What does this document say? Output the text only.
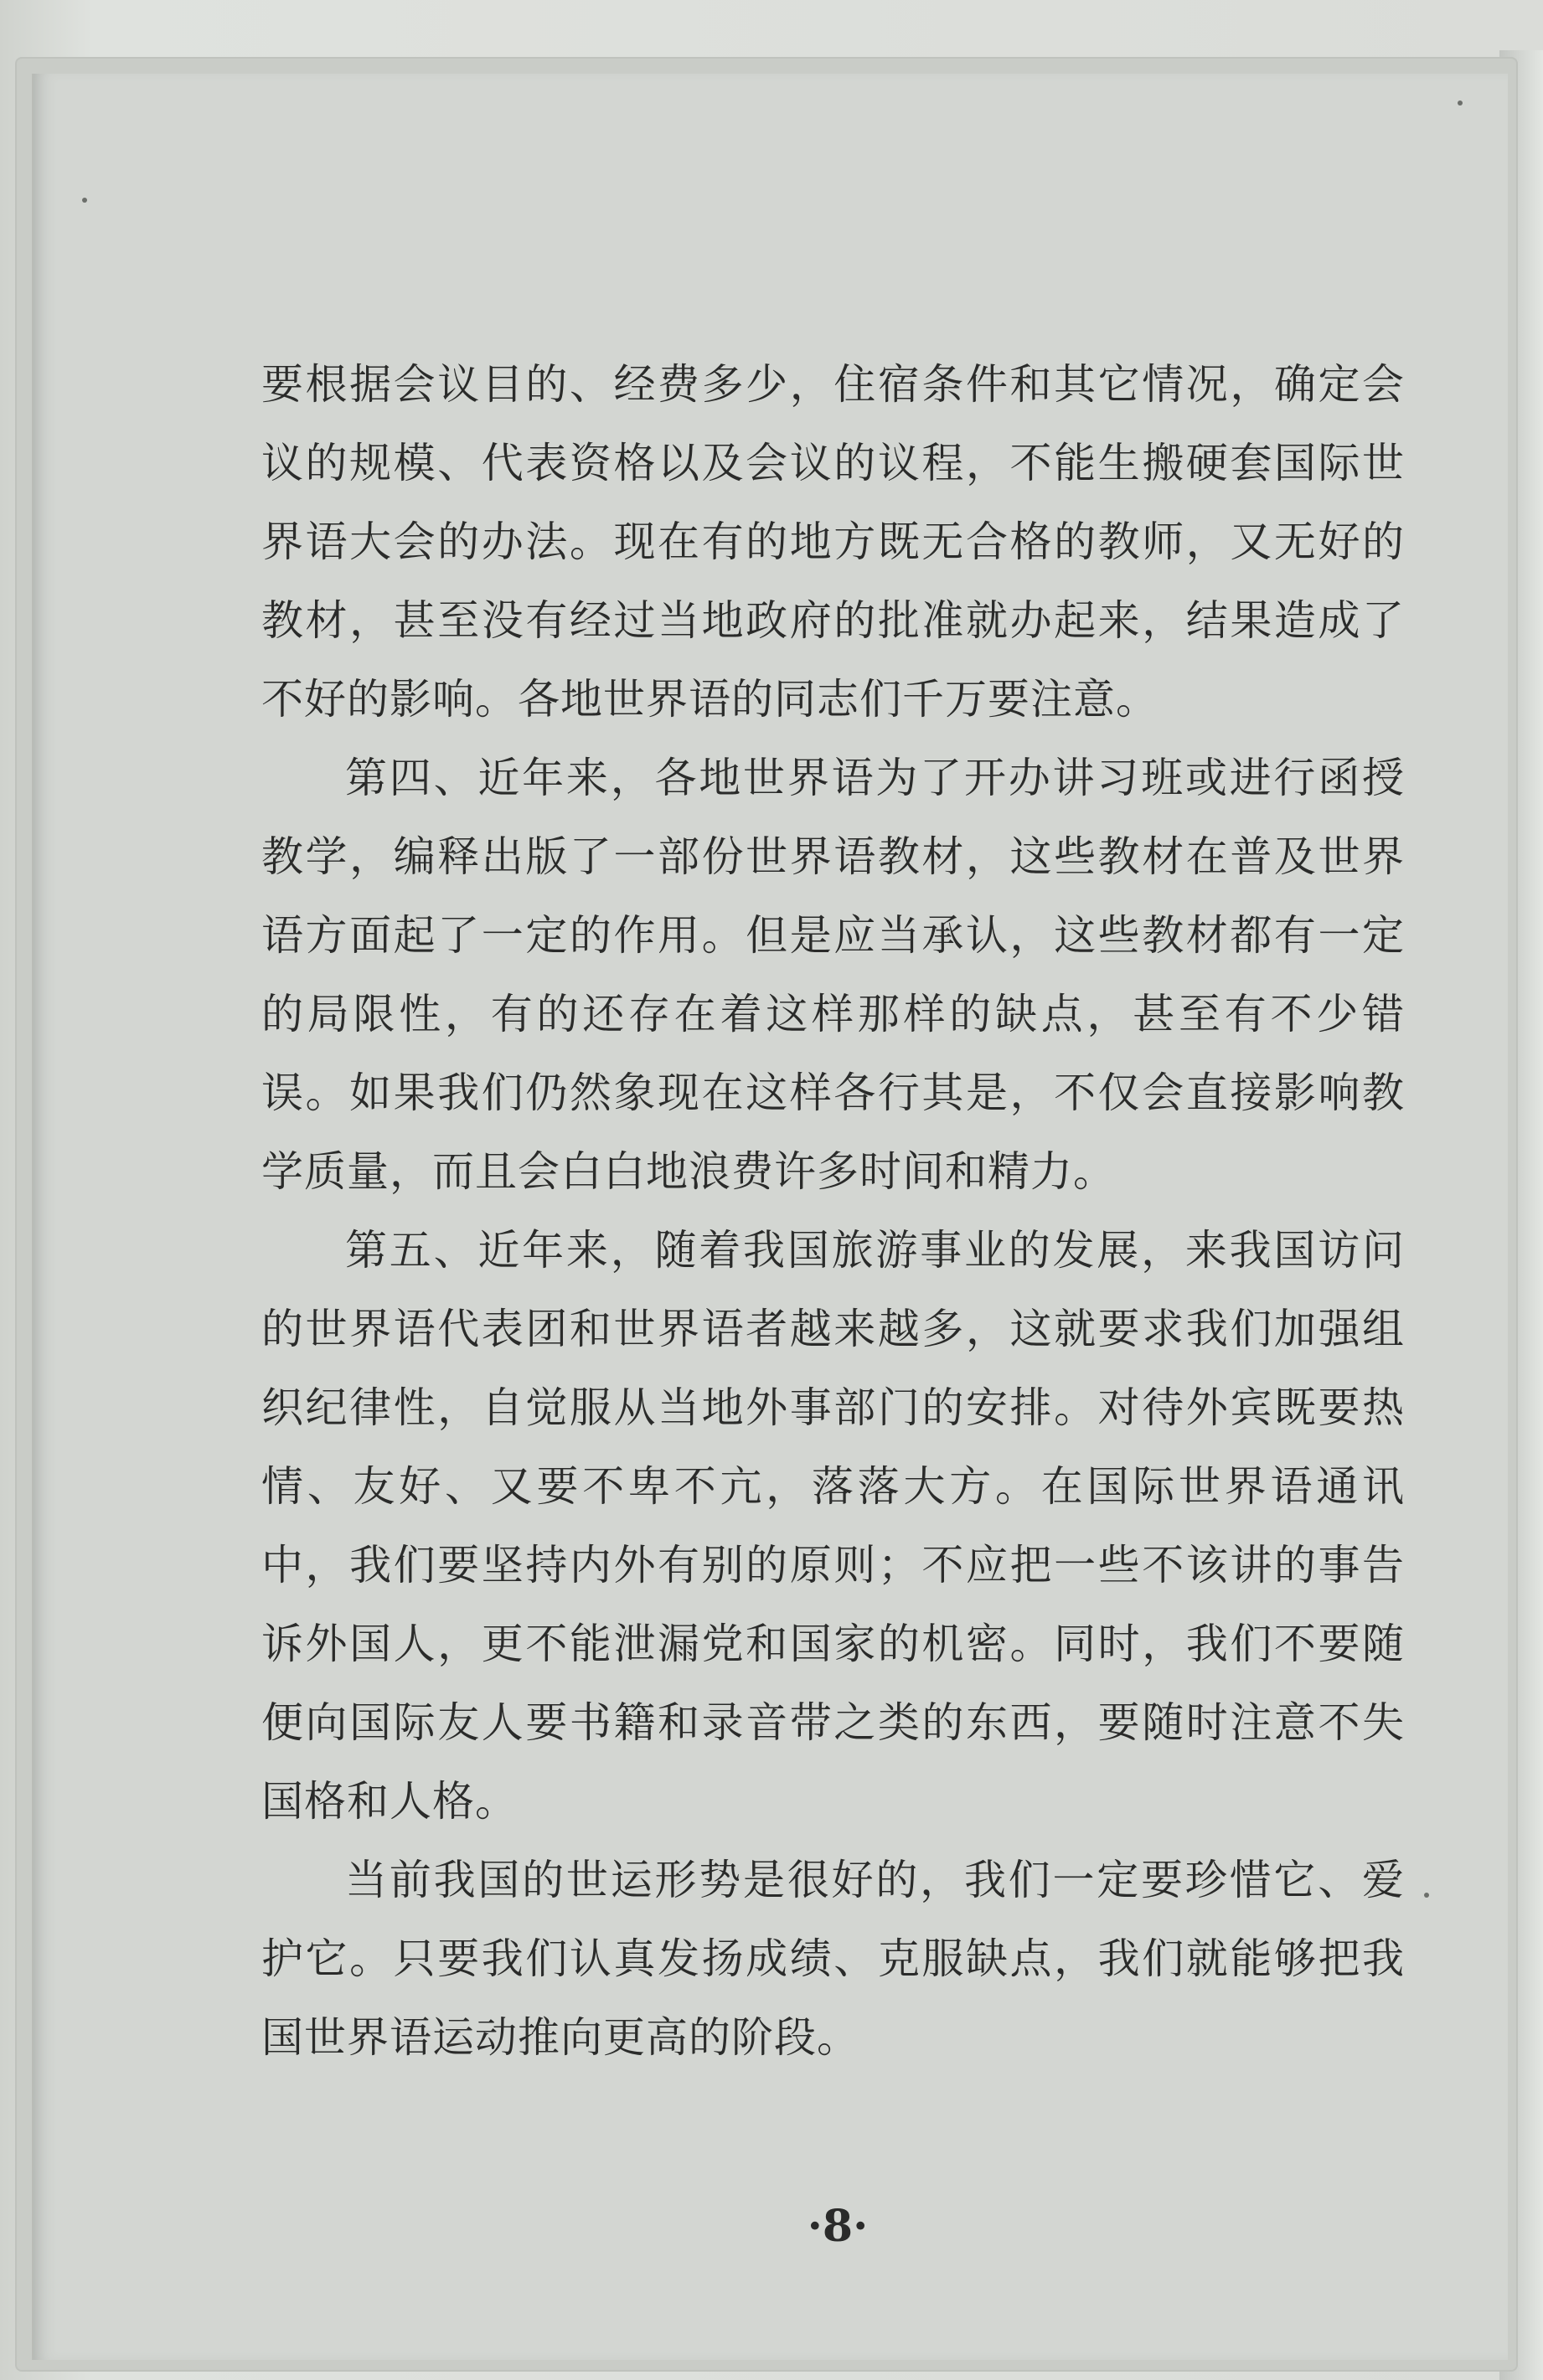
要根据会议目的、经费多少，住宿条件和其它情况，确定会议的规模、代表资格以及会议的议程，不能生搬硬套国际世界语大会的办法。现在有的地方既无合格的教师，又无好的教材，甚至没有经过当地政府的批准就办起来，结果造成了不好的影响。各地世界语的同志们千万要注意。

第四、近年来，各地世界语为了开办讲习班或进行函授教学，编释出版了一部份世界语教材，这些教材在普及世界语方面起了一定的作用。但是应当承认，这些教材都有一定的局限性，有的还存在着这样那样的缺点，甚至有不少错误。如果我们仍然象现在这样各行其是，不仅会直接影响教学质量，而且会白白地浪费许多时间和精力。

第五、近年来，随着我国旅游事业的发展，来我国访问的世界语代表团和世界语者越来越多，这就要求我们加强组织纪律性，自觉服从当地外事部门的安排。对待外宾既要热情、友好、又要不卑不亢，落落大方。在国际世界语通讯中，我们要坚持内外有别的原则；不应把一些不该讲的事告诉外国人，更不能泄漏党和国家的机密。同时，我们不要随便向国际友人要书籍和录音带之类的东西，要随时注意不失国格和人格。

当前我国的世运形势是很好的，我们一定要珍惜它、爱护它。只要我们认真发扬成绩、克服缺点，我们就能够把我国世界语运动推向更高的阶段。

·8·
